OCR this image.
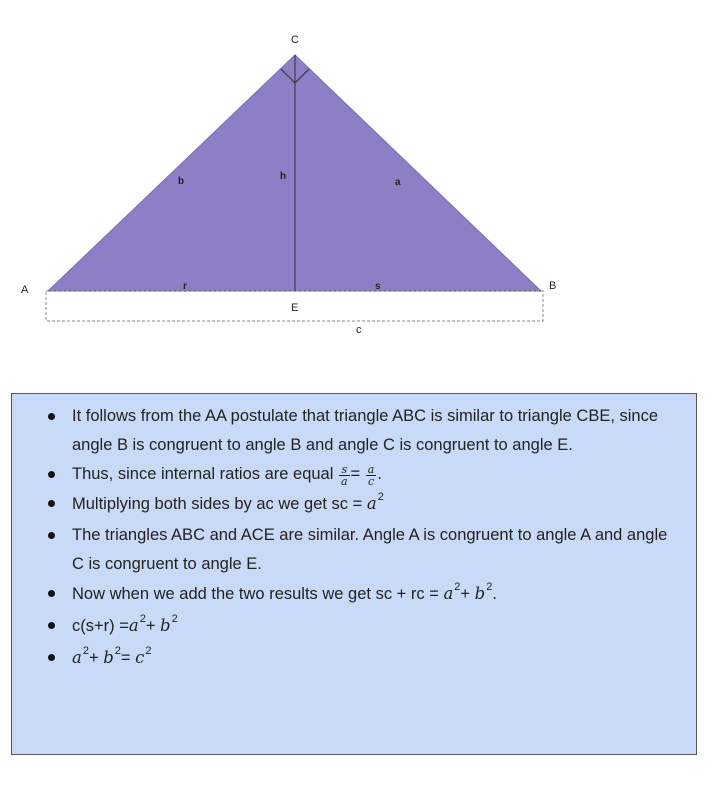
C
A	B
E
b	h
a
r	s
c
It follows from the AA postulate that triangle ABC is similar to triangle CBE, since angle B is congruent to angle B and angle C is congruent to angle E.
Thus, since internal ratios are equal $\frac{s}{a} = \frac{a}{c}$ .
Multiplying both sides by ac we get sc = $a^2$
The triangles ABC and ACE are similar. Angle A is congruent to angle A and angle C is congruent to angle E.
Now when we add the two results we get sc + rc = $a^2+ b^2$.
$c(s+r) =a^2+ b^2$
$a^2+ b^2= c^2$
